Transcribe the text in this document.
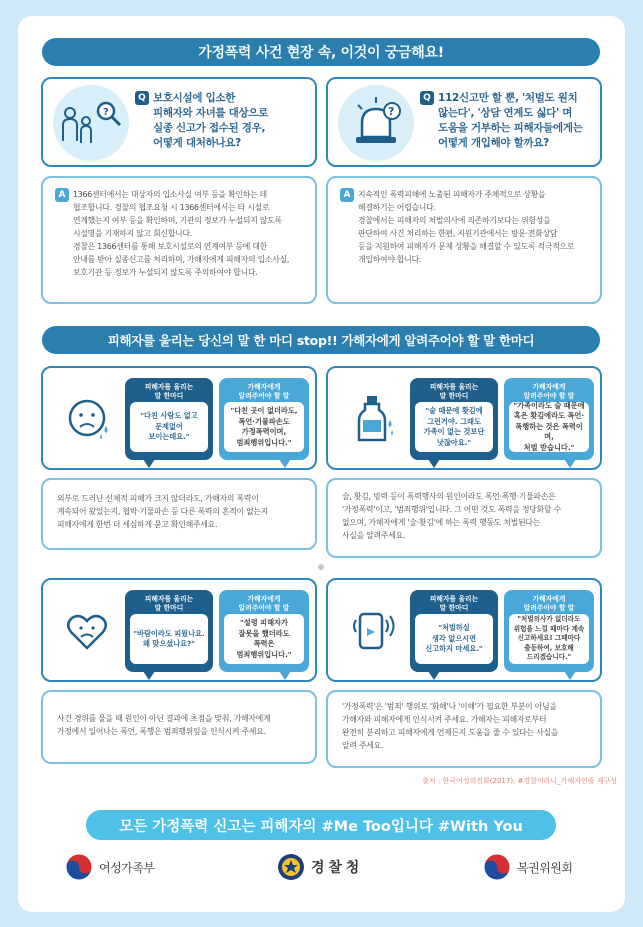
가정폭력 사건 현장 속, 이것이 궁금해요!
?
Q 보호시설에 입소한
피해자와 자녀를 대상으로
실종 신고가 접수된 경우,
어떻게 대처하나요?
A 1366센터에서는 대상자의 입소사실 여부 등을 확인하는 데
협조합니다. 경찰의 협조요청 시 1366센터에서는 타 시설로
연계했는지 여부 등을 확인하며, 기관의 정보가 누설되지 않도록
시설명을 기재하지 않고 회신합니다.
경찰은 1366센터를 통해 보호시설로의 연계여부 등에 대한
안내를 받아 실종신고를 처리하며, 가해자에게 피해자의 입소사실,
보호기관 등 정보가 누설되지 않도록 주의하여야 합니다.
?
Q 112신고만 할 뿐, '처벌도 원치
않는다', '상담 연계도 싫다' 며
도움을 거부하는 피해자들에게는
어떻게 개입해야 할까요?
A 지속적인 폭력피해에 노출된 피해자가 주체적으로 상황을
해결하기는 어렵습니다.
경찰에서는 피해자의 처벌의사에 의존하기보다는 위험성을
판단하여 사건 처리하는 한편, 지원기관에서는 방문·전화상담
등을 지원하여 피해자가 문제 상황을 해결할 수 있도록 적극적으로
개입하여야 합니다.
피해자를 울리는 당신의 말 한 마디 stop!! 가해자에게 알려주어야 할 말 한마디
피해자를 울리는
말 한마디
"다친 사람도 없고
문제없어
보이는데요."
가해자에게
알려주어야 할 말
"다친 곳이 없더라도,
폭언·기물파손도
가정폭력이며,
범죄행위입니다."
외부로 드러난 신체적 피해가 크지 않더라도, 가해자의 폭력이
계속되어 왔었는지, 협박·기물파손 등 다른 폭력의 흔적이 없는지
피해자에게 한번 더 세심하게 묻고 확인해주세요.
피해자를 울리는
말 한마디
"술 때문에 홧김에
그런거야. 그래도
가족이 없는 것보단
낫잖아요."
가해자에게
알려주어야 할 말
"가족이라도 술 때문에
혹은 홧김에라도 폭언·
폭행하는 것은 폭력이며,
처벌 받습니다."
술, 홧김, 빙력 등이 폭력행사의 원인이라도 폭언·폭행·기물파손은
'가정폭력'이고, '범죄행위'입니다. 그 어떤 것도 폭력을 정당화할 수
없으며, 가해자에게 '술·홧김'에 하는 폭력 행동도 처벌된다는
사실을 알려주세요.
피해자를 울리는
말 한마디
"바람이라도 피웠나요.
왜 맞으셨나요?"
가해자에게
알려주어야 할 말
"설령 피해자가
잘못을 했더라도
폭력은
범죄행위입니다."
사건 경위를 물을 때 원인이 아닌 결과에 초점을 맞춰, 가해자에게
가정에서 일어나는 폭언, 폭행은 범죄행위임을 인식시켜 주세요.
피해자를 울리는
말 한마디
"처벌하실
생각 없으시면
신고하지 마세요."
가해자에게
알려주어야 할 말
"처벌의사가 없더라도
위험을 느낄 때마다 계속
신고하세요! 그때마다
출동하여, 보호해
드리겠습니다."
'가정폭력'은 '범죄' 행위로 '화해'나 '이해'가 필요한 부분이 아님을
가해자와 피해자에게 인식시켜 주세요. 가해자는 피해자로부터
완전히 분리하고 피해자에게 언제든지 도움을 줄 수 있다는 사실을
알려 주세요.
출처 : 한국여성의전화(2017), #경찰이라니_가해자인줄 재구성
모든 가정폭력 신고는 피해자의 #Me Too입니다 #With You
여성가족부	경 찰 청	복권위원회
